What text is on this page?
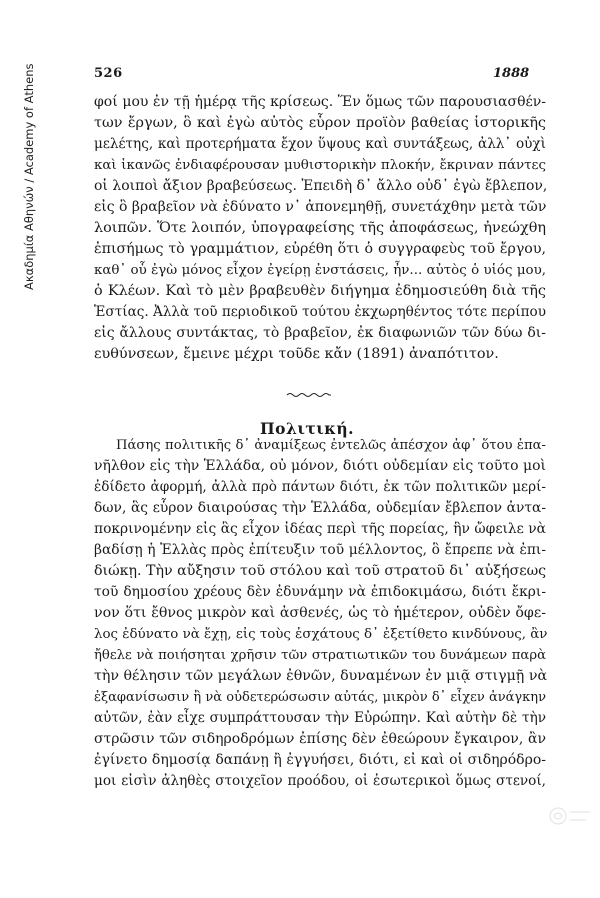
Ακαδημία Αθηνών / Academy of Athens	526	1888
φοί μου ἐν τῇ ἡμέρᾳ τῆς κρίσεως. Ἕν ὅμως τῶν παρουσιασθέν-
των ἔργων, ὃ καὶ ἐγὼ αὐτὸς εὗρον προϊὸν βαθείας ἱστορικῆς
μελέτης, καὶ προτερήματα ἔχον ὕψους καὶ συντάξεως, ἀλλ᾽ οὐχὶ
καὶ ἱκανῶς ἐνδιαφέρουσαν μυθιστορικὴν πλοκήν, ἔκριναν πάντες
οἱ λοιποὶ ἄξιον βραβεύσεως. Ἐπειδὴ δ᾽ ἄλλο οὐδ᾽ ἐγὼ ἔβλεπον,
εἰς ὃ βραβεῖον νὰ ἐδύνατο ν᾽ ἀπονεμηθῇ, συνετάχθην μετὰ τῶν
λοιπῶν. Ὅτε λοιπόν, ὑπογραφείσης τῆς ἀποφάσεως, ἠνεώχθη
ἐπισήμως τὸ γραμμάτιον, εὑρέθη ὅτι ὁ συγγραφεὺς τοῦ ἔργου,
καθ᾽ οὗ ἐγὼ μόνος εἶχον ἐγείρῃ ἐνστάσεις, ἦν... αὐτὸς ὁ υἱός μου,
ὁ Κλέων. Καὶ τὸ μὲν βραβευθὲν διήγημα ἐδημοσιεύθη διὰ τῆς
Ἑστίας. Ἀλλὰ τοῦ περιοδικοῦ τούτου ἐκχωρηθέντος τότε περίπου
εἰς ἄλλους συντάκτας, τὸ βραβεῖον, ἐκ διαφωνιῶν τῶν δύω δι-
ευθύνσεων, ἔμεινε μέχρι τοῦδε κἄν (1891) ἀναπότιτον.
Πολιτική.
Πάσης πολιτικῆς δ᾽ ἀναμίξεως ἐντελῶς ἀπέσχον ἀφ᾽ ὅτου ἐπα-
νῆλθον εἰς τὴν Ἑλλάδα, οὐ μόνον, διότι οὐδεμίαν εἰς τοῦτο μοὶ
ἐδίδετο ἀφορμή, ἀλλὰ πρὸ πάντων διότι, ἐκ τῶν πολιτικῶν μερί-
δων, ἃς εὗρον διαιρούσας τὴν Ἑλλάδα, οὐδεμίαν ἔβλεπον ἀντα-
ποκρινομένην εἰς ἃς εἶχον ἰδέας περὶ τῆς πορείας, ἣν ὤφειλε νὰ
βαδίσῃ ἡ Ἑλλὰς πρὸς ἐπίτευξιν τοῦ μέλλοντος, ὃ ἔπρεπε νὰ ἐπι-
διώκῃ. Τὴν αὔξησιν τοῦ στόλου καὶ τοῦ στρατοῦ δι᾽ αὐξήσεως
τοῦ δημοσίου χρέους δὲν ἐδυνάμην νὰ ἐπιδοκιμάσω, διότι ἔκρι-
νον ὅτι ἔθνος μικρὸν καὶ ἀσθενές, ὡς τὸ ἡμέτερον, οὐδὲν ὄφε-
λος ἐδύνατο νὰ ἔχῃ, εἰς τοὺς ἐσχάτους δ᾽ ἐξετίθετο κινδύνους, ἂν
ἤθελε νὰ ποιήσηται χρῆσιν τῶν στρατιωτικῶν του δυνάμεων παρὰ
τὴν θέλησιν τῶν μεγάλων ἐθνῶν, δυναμένων ἐν μιᾷ στιγμῇ νὰ
ἐξαφανίσωσιν ἢ νὰ οὐδετερώσωσιν αὐτάς, μικρὸν δ᾽ εἶχεν ἀνάγκην
αὐτῶν, ἐὰν εἶχε συμπράττουσαν τὴν Εὐρώπην. Καὶ αὐτὴν δὲ τὴν
στρῶσιν τῶν σιδηροδρόμων ἐπίσης δὲν ἐθεώρουν ἔγκαιρον, ἂν
ἐγίνετο δημοσίᾳ δαπάνῃ ἢ ἐγγυήσει, διότι, εἰ καὶ οἱ σιδηρόδρο-
μοι εἰσὶν ἀληθὲς στοιχεῖον προόδου, οἱ ἐσωτερικοὶ ὅμως στενοί,
